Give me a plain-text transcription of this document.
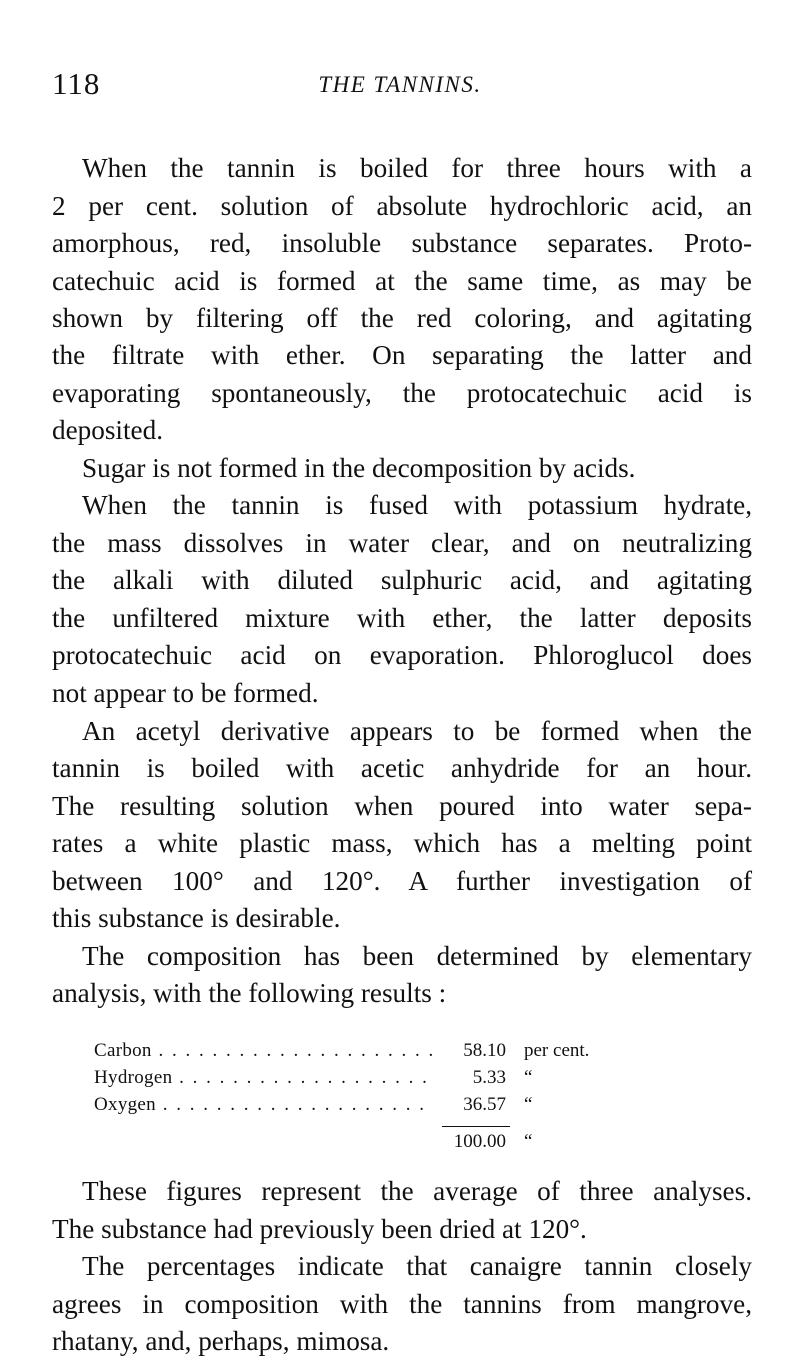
118	THE TANNINS.
When the tannin is boiled for three hours with a
2 per cent. solution of absolute hydrochloric acid, an
amorphous, red, insoluble substance separates. Proto-
catechuic acid is formed at the same time, as may be
shown by filtering off the red coloring, and agitating
the filtrate with ether. On separating the latter and
evaporating spontaneously, the protocatechuic acid is
deposited.
Sugar is not formed in the decomposition by acids.
When the tannin is fused with potassium hydrate,
the mass dissolves in water clear, and on neutralizing
the alkali with diluted sulphuric acid, and agitating
the unfiltered mixture with ether, the latter deposits
protocatechuic acid on evaporation. Phloroglucol does
not appear to be formed.
An acetyl derivative appears to be formed when the
tannin is boiled with acetic anhydride for an hour.
The resulting solution when poured into water sepa-
rates a white plastic mass, which has a melting point
between 100° and 120°. A further investigation of
this substance is desirable.
The composition has been determined by elementary
analysis, with the following results :
Carbon . . .	58.10 per cent.
Hydrogen . . .	5.33 “
Oxygen . . .	36.57 “
100.00 “
These figures represent the average of three analyses.
The substance had previously been dried at 120°.
The percentages indicate that canaigre tannin closely
agrees in composition with the tannins from mangrove,
rhatany, and, perhaps, mimosa.
